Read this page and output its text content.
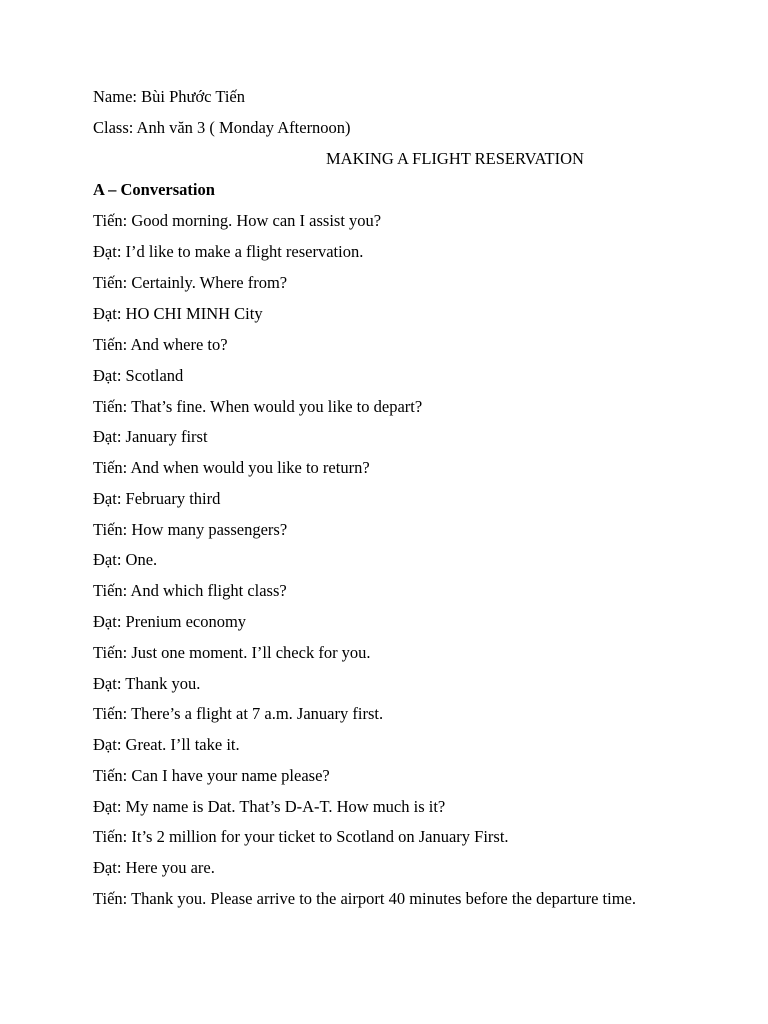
Name: Bùi Phước Tiến
Class: Anh văn 3 ( Monday Afternoon)
MAKING A FLIGHT RESERVATION
A – Conversation
Tiến: Good morning. How can I assist you?
Đạt: I’d like to make a flight reservation.
Tiến: Certainly. Where from?
Đạt: HO CHI MINH City
Tiến: And where to?
Đạt: Scotland
Tiến: That’s fine. When would you like to depart?
Đạt: January first
Tiến: And when would you like to return?
Đạt: February third
Tiến: How many passengers?
Đạt: One.
Tiến: And which flight class?
Đạt: Prenium economy
Tiến: Just one moment. I’ll check for you.
Đạt: Thank you.
Tiến: There’s a flight at 7 a.m. January first.
Đạt: Great. I’ll take it.
Tiến: Can I have your name please?
Đạt: My name is Dat. That’s D-A-T. How much is it?
Tiến: It’s 2 million for your ticket to Scotland on January First.
Đạt: Here you are.
Tiến: Thank you. Please arrive to the airport 40 minutes before the departure time.
